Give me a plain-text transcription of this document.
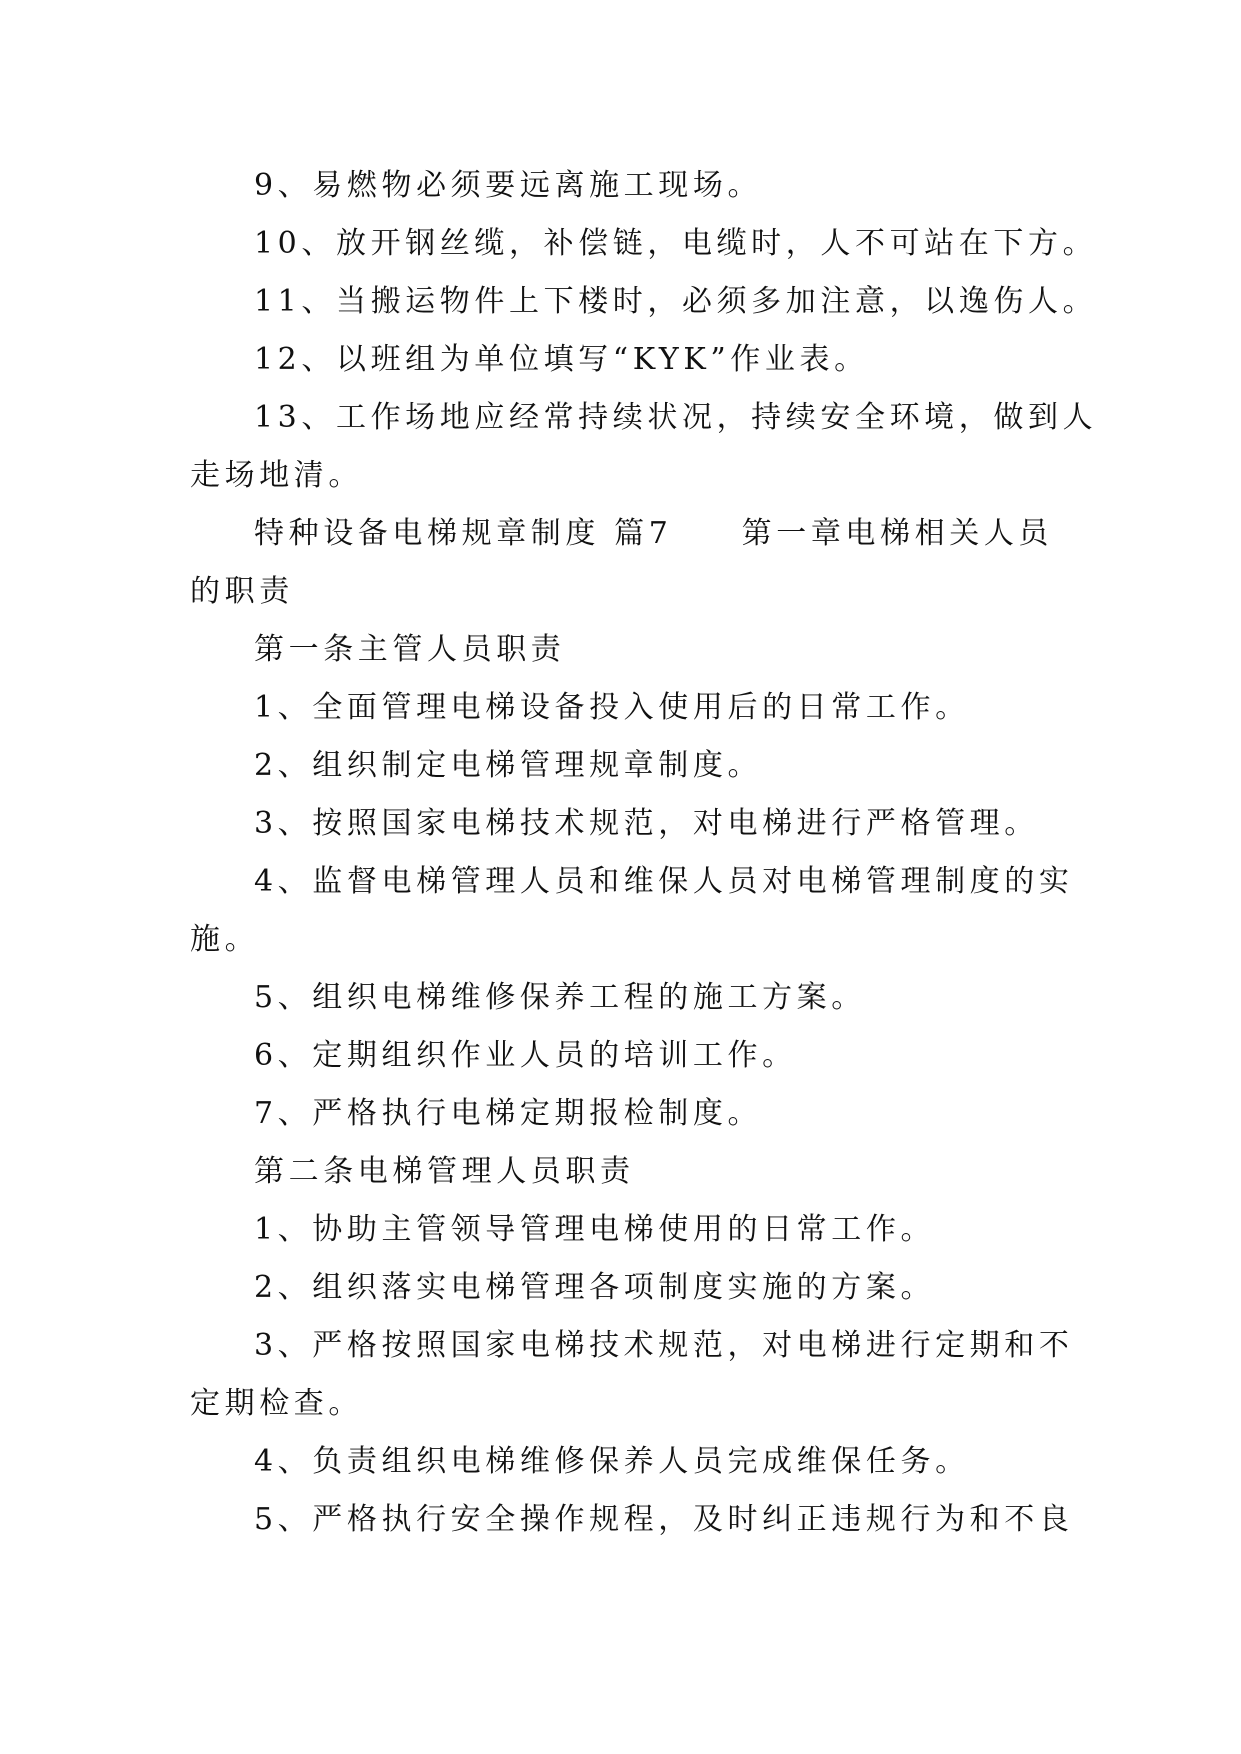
9、易燃物必须要远离施工现场。
10、放开钢丝缆，补偿链，电缆时，人不可站在下方。
11、当搬运物件上下楼时，必须多加注意，以逸伤人。
12、以班组为单位填写“KYK”作业表。
13、工作场地应经常持续状况，持续安全环境，做到人
走场地清。
特种设备电梯规章制度 篇7　　第一章电梯相关人员
的职责
第一条主管人员职责
1、全面管理电梯设备投入使用后的日常工作。
2、组织制定电梯管理规章制度。
3、按照国家电梯技术规范，对电梯进行严格管理。
4、监督电梯管理人员和维保人员对电梯管理制度的实
施。
5、组织电梯维修保养工程的施工方案。
6、定期组织作业人员的培训工作。
7、严格执行电梯定期报检制度。
第二条电梯管理人员职责
1、协助主管领导管理电梯使用的日常工作。
2、组织落实电梯管理各项制度实施的方案。
3、严格按照国家电梯技术规范，对电梯进行定期和不
定期检查。
4、负责组织电梯维修保养人员完成维保任务。
5、严格执行安全操作规程，及时纠正违规行为和不良
